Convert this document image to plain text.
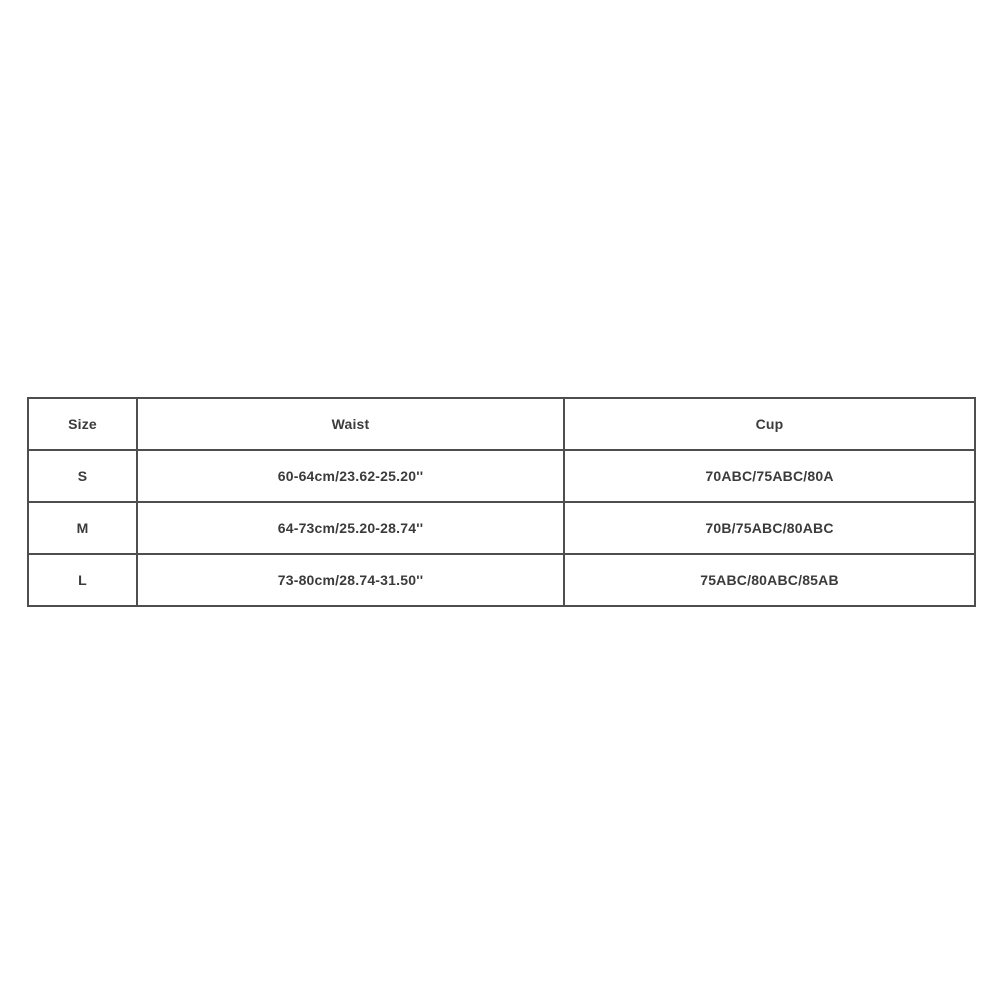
Size	Waist	Cup
S	60-64cm/23.62-25.20''	70ABC/75ABC/80A
M	64-73cm/25.20-28.74''	70B/75ABC/80ABC
L	73-80cm/28.74-31.50''	75ABC/80ABC/85AB
